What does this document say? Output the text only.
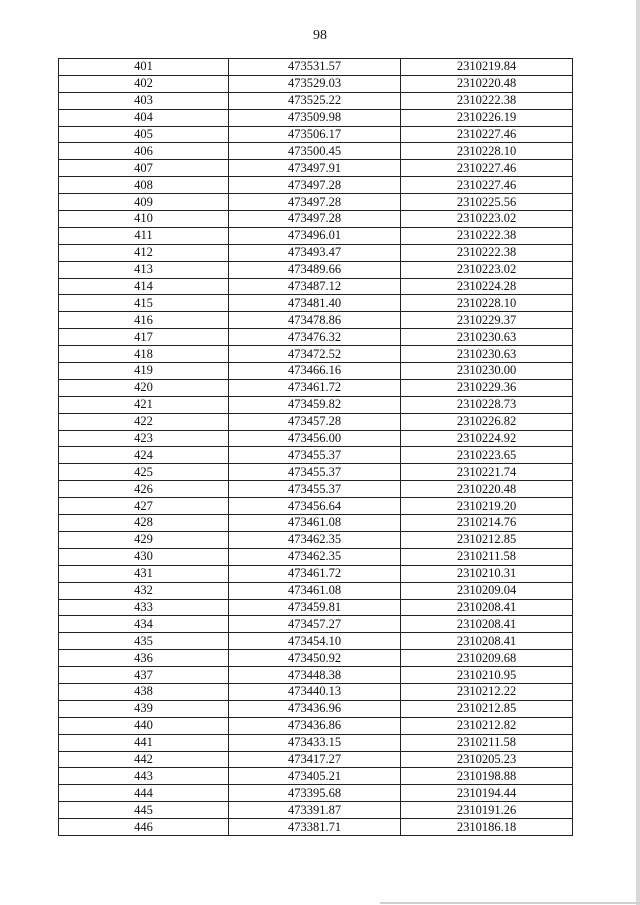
98
401	473531.57	2310219.84
402	473529.03	2310220.48
403	473525.22	2310222.38
404	473509.98	2310226.19
405	473506.17	2310227.46
406	473500.45	2310228.10
407	473497.91	2310227.46
408	473497.28	2310227.46
409	473497.28	2310225.56
410	473497.28	2310223.02
411	473496.01	2310222.38
412	473493.47	2310222.38
413	473489.66	2310223.02
414	473487.12	2310224.28
415	473481.40	2310228.10
416	473478.86	2310229.37
417	473476.32	2310230.63
418	473472.52	2310230.63
419	473466.16	2310230.00
420	473461.72	2310229.36
421	473459.82	2310228.73
422	473457.28	2310226.82
423	473456.00	2310224.92
424	473455.37	2310223.65
425	473455.37	2310221.74
426	473455.37	2310220.48
427	473456.64	2310219.20
428	473461.08	2310214.76
429	473462.35	2310212.85
430	473462.35	2310211.58
431	473461.72	2310210.31
432	473461.08	2310209.04
433	473459.81	2310208.41
434	473457.27	2310208.41
435	473454.10	2310208.41
436	473450.92	2310209.68
437	473448.38	2310210.95
438	473440.13	2310212.22
439	473436.96	2310212.85
440	473436.86	2310212.82
441	473433.15	2310211.58
442	473417.27	2310205.23
443	473405.21	2310198.88
444	473395.68	2310194.44
445	473391.87	2310191.26
446	473381.71	2310186.18
